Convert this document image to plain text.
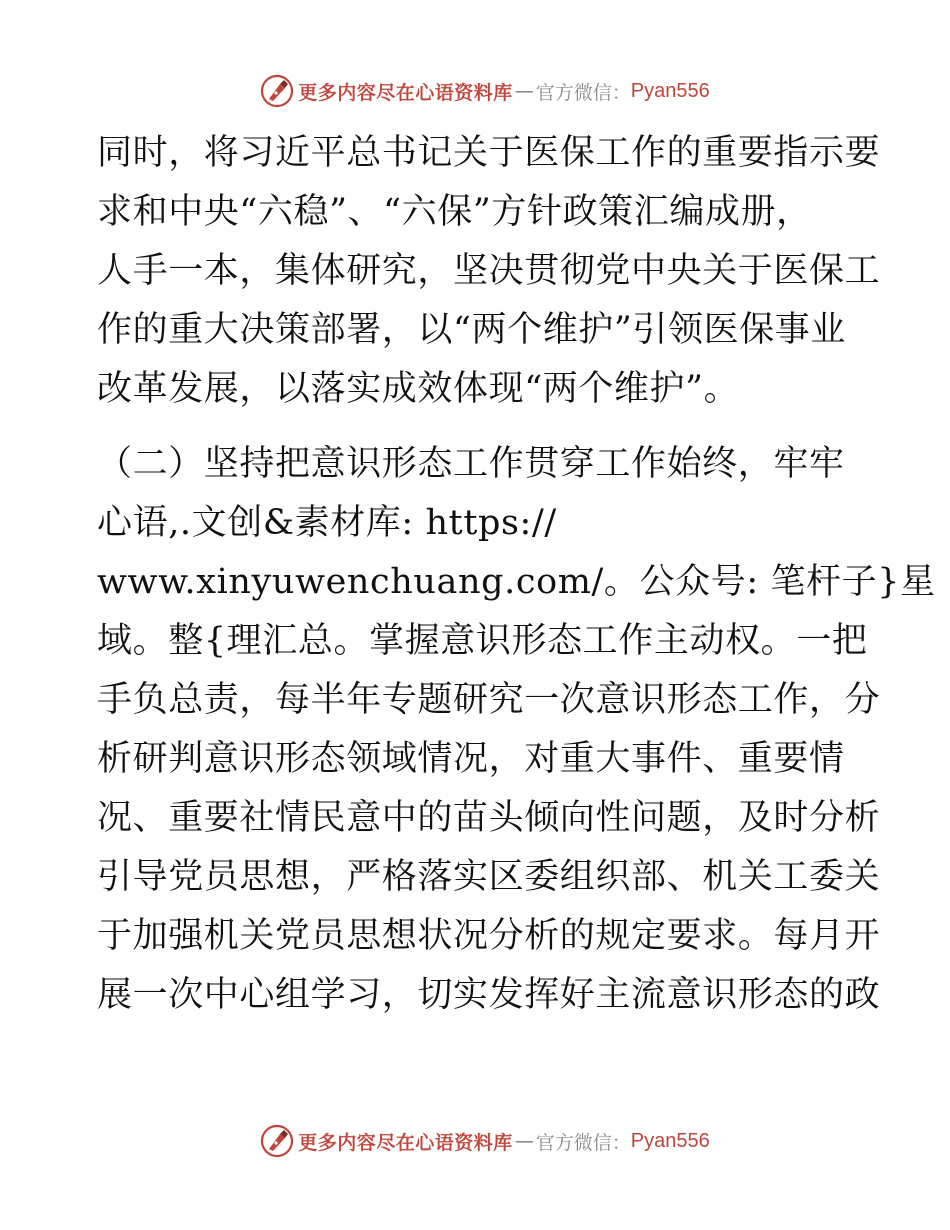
更多内容尽在心语资料库 — 官方微信： Pyan556
同时，将习近平总书记关于医保工作的重要指示要
求和中央“六稳”、“六保”方针政策汇编成册，
人手一本，集体研究，坚决贯彻党中央关于医保工
作的重大决策部署，以“两个维护”引领医保事业
改革发展，以落实成效体现“两个维护”。
（二）坚持把意识形态工作贯穿工作始终，牢牢
心语,.文创&素材库: https://
www.xinyuwenchuang.com/。公众号: 笔杆子}星
域。整{理汇总。掌握意识形态工作主动权。一把
手负总责，每半年专题研究一次意识形态工作，分
析研判意识形态领域情况，对重大事件、重要情
况、重要社情民意中的苗头倾向性问题，及时分析
引导党员思想，严格落实区委组织部、机关工委关
于加强机关党员思想状况分析的规定要求。每月开
展一次中心组学习，切实发挥好主流意识形态的政
更多内容尽在心语资料库 — 官方微信： Pyan556
